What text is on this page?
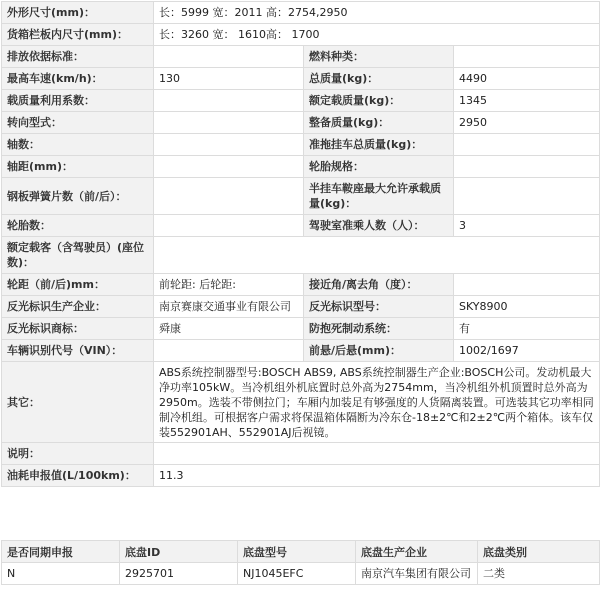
外形尺寸(mm)：	长：5999 宽：2011 高：2754,2950		
货箱栏板内尺寸(mm)：	长：3260 宽： 1610高： 1700		
排放依据标准：		燃料种类：	
最高车速(km/h)：	130	总质量(kg)：	4490
载质量利用系数：		额定载质量(kg)：	1345
转向型式：		整备质量(kg)：	2950
轴数：		准拖挂车总质量(kg)：	
轴距(mm)：		轮胎规格：	
钢板弹簧片数（前/后）：		半挂车鞍座最大允许承载质量(kg)：	
轮胎数：		驾驶室准乘人数（人）：	3
额定载客（含驾驶员）(座位数)：			
轮距（前/后)mm：	前轮距: 后轮距:	接近角/离去角（度）：	
反光标识生产企业：	南京赛康交通事业有限公司	反光标识型号：	SKY8900
反光标识商标：	舜康	防抱死制动系统：	有
车辆识别代号（VIN）：		前悬/后悬(mm)：	1002/1697
其它：	ABS系统控制器型号:BOSCH ABS9, ABS系统控制器生产企业:BOSCH公司。发动机最大净功率105kW。当冷机组外机底置时总外高为2754mm，当冷机组外机顶置时总外高为2950m。选装不带侧拉门；车厢内加装足有够强度的人货隔离装置。可选装其它功率相同制冷机组。可根据客户需求将保温箱体隔断为冷东仓-18±2℃和2±2℃两个箱体。该车仅装552901AH、552901AJ后视镜。		
说明：			
油耗申报值(L/100km)：	11.3		
是否同期申报	底盘ID	底盘型号	底盘生产企业	底盘类别
N	2925701	NJ1045EFC	南京汽车集团有限公司	二类
